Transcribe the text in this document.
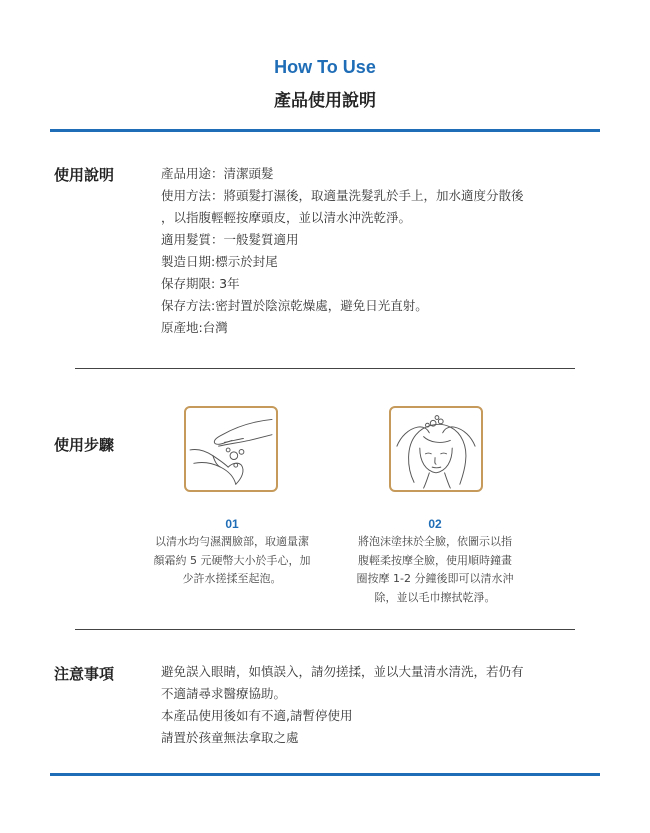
How To Use
產品使用說明
使用說明	產品用途：清潔頭髮
使用方法：將頭髮打濕後，取適量洗髮乳於手上，加水適度分散後
，以指腹輕輕按摩頭皮，並以清水沖洗乾淨。
適用髮質：一般髮質適用
製造日期:標示於封尾
保存期限: 3年
保存方法:密封置於陰涼乾燥處，避免日光直射。
原產地:台灣
使用步驟
01
以清水均勻濕潤臉部，取適量潔
顏霜約 5 元硬幣大小於手心，加
少許水搓揉至起泡。
02
將泡沫塗抹於全臉，依圖示以指
腹輕柔按摩全臉，使用順時鐘畫
圈按摩 1-2 分鐘後即可以清水沖
除，並以毛巾擦拭乾淨。
注意事項	避免誤入眼睛，如慎誤入，請勿搓揉，並以大量清水清洗，若仍有
不適請尋求醫療協助。
本產品使用後如有不適,請暫停使用
請置於孩童無法拿取之處
